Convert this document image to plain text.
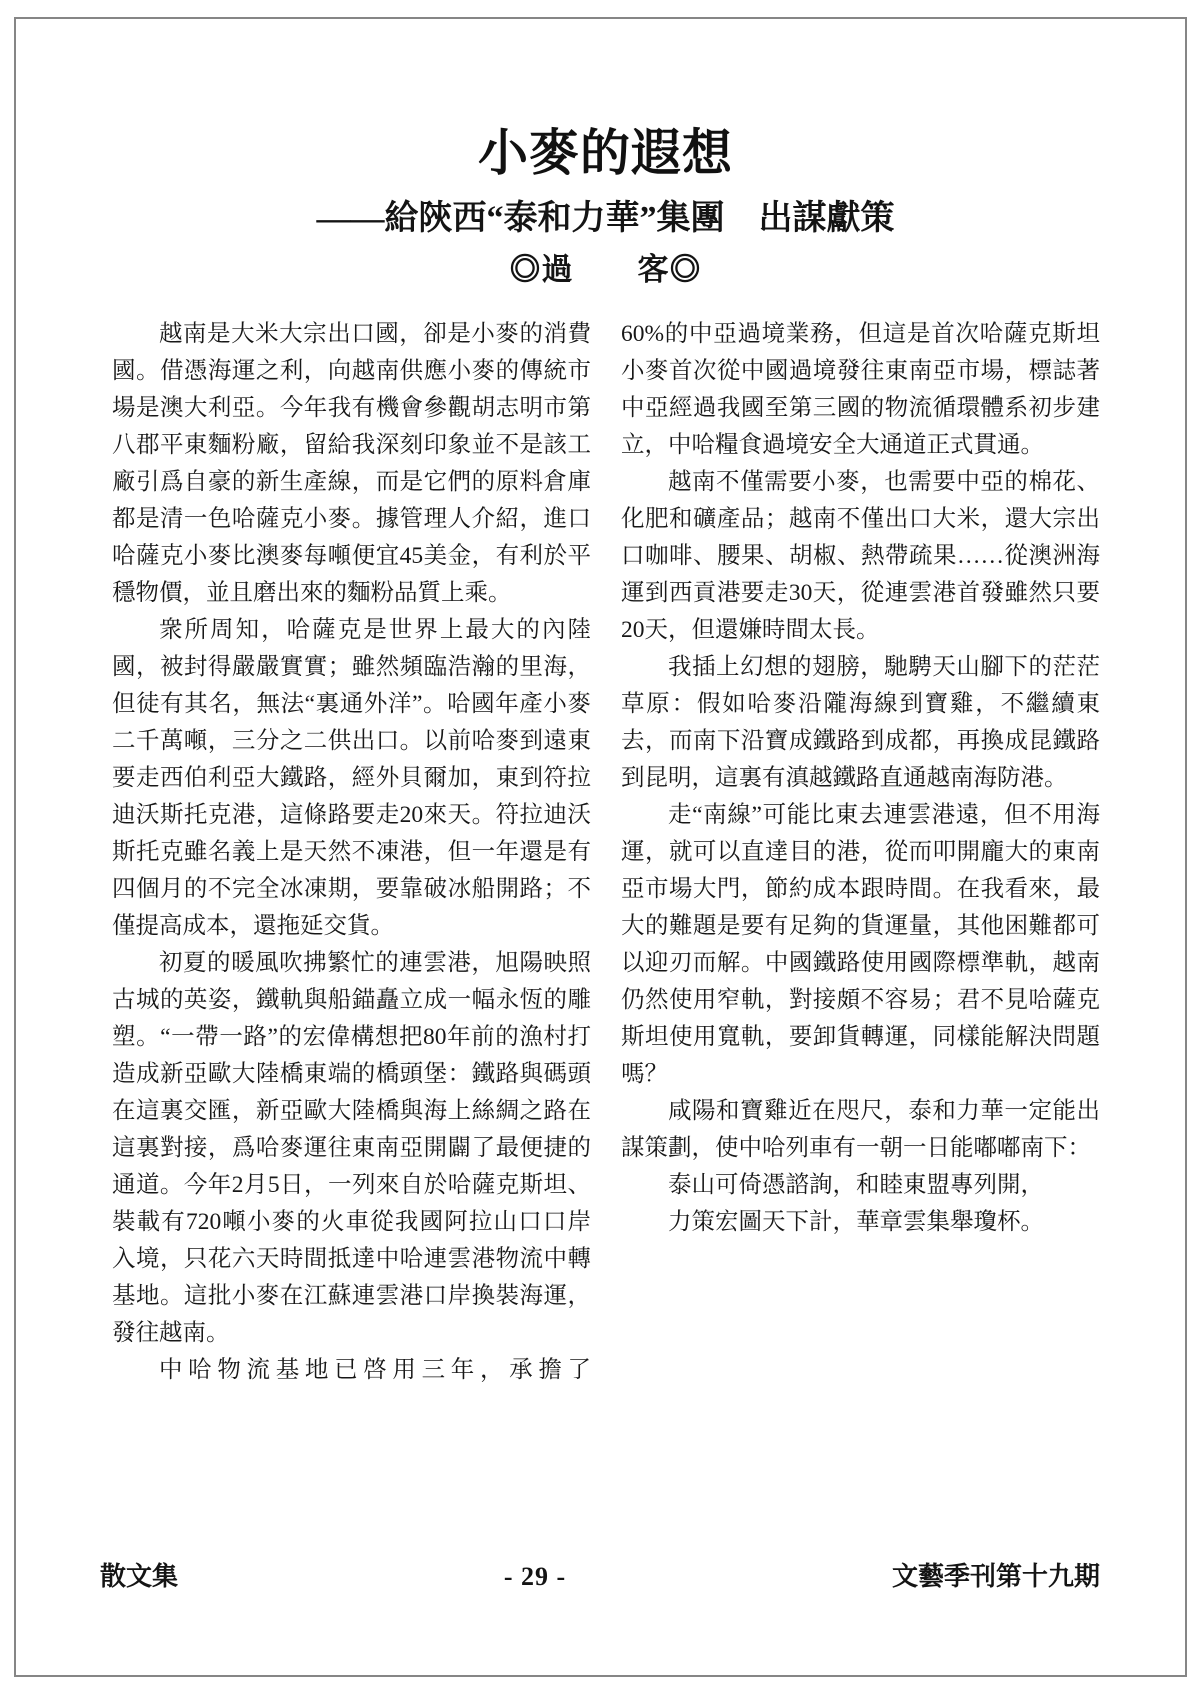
小麥的遐想
——給陝西“泰和力華”集團　出謀獻策
◎過　　客◎

越南是大米大宗出口國，卻是小麥的消費國。借憑海運之利，向越南供應小麥的傳統市場是澳大利亞。今年我有機會參觀胡志明市第八郡平東麵粉廠，留給我深刻印象並不是該工廠引爲自豪的新生產線，而是它們的原料倉庫都是清一色哈薩克小麥。據管理人介紹，進口哈薩克小麥比澳麥每噸便宜45美金，有利於平穩物價，並且磨出來的麵粉品質上乘。

衆所周知，哈薩克是世界上最大的內陸國，被封得嚴嚴實實；雖然頻臨浩瀚的里海，但徒有其名，無法“裏通外洋”。哈國年產小麥二千萬噸，三分之二供出口。以前哈麥到遠東要走西伯利亞大鐵路，經外貝爾加，東到符拉迪沃斯托克港，這條路要走20來天。符拉迪沃斯托克雖名義上是天然不凍港，但一年還是有四個月的不完全冰凍期，要靠破冰船開路；不僅提高成本，還拖延交貨。

初夏的暖風吹拂繁忙的連雲港，旭陽映照古城的英姿，鐵軌與船錨矗立成一幅永恆的雕塑。“一帶一路”的宏偉構想把80年前的漁村打造成新亞歐大陸橋東端的橋頭堡：鐵路與碼頭在這裏交匯，新亞歐大陸橋與海上絲綢之路在這裏對接，爲哈麥運往東南亞開闢了最便捷的通道。今年2月5日，一列來自於哈薩克斯坦、裝載有720噸小麥的火車從我國阿拉山口口岸入境，只花六天時間抵達中哈連雲港物流中轉基地。這批小麥在江蘇連雲港口岸換裝海運，發往越南。

中哈物流基地已啓用三年，承擔了

60%的中亞過境業務，但這是首次哈薩克斯坦小麥首次從中國過境發往東南亞市場，標誌著中亞經過我國至第三國的物流循環體系初步建立，中哈糧食過境安全大通道正式貫通。

越南不僅需要小麥，也需要中亞的棉花、化肥和礦產品；越南不僅出口大米，還大宗出口咖啡、腰果、胡椒、熱帶疏果……從澳洲海運到西貢港要走30天，從連雲港首發雖然只要20天，但還嫌時間太長。

我插上幻想的翅膀，馳騁天山腳下的茫茫草原：假如哈麥沿隴海線到寶雞，不繼續東去，而南下沿寶成鐵路到成都，再換成昆鐵路到昆明，這裏有滇越鐵路直通越南海防港。

走“南線”可能比東去連雲港遠，但不用海運，就可以直達目的港，從而叩開龐大的東南亞市場大門，節約成本跟時間。在我看來，最大的難題是要有足夠的貨運量，其他困難都可以迎刃而解。中國鐵路使用國際標準軌，越南仍然使用窄軌，對接頗不容易；君不見哈薩克斯坦使用寬軌，要卸貨轉運，同樣能解決問題嗎？

咸陽和寶雞近在咫尺，泰和力華一定能出謀策劃，使中哈列車有一朝一日能嘟嘟南下：

泰山可倚憑諮詢，和睦東盟專列開，

力策宏圖天下計，華章雲集舉瓊杯。

散文集	- 29 -	文藝季刊第十九期
